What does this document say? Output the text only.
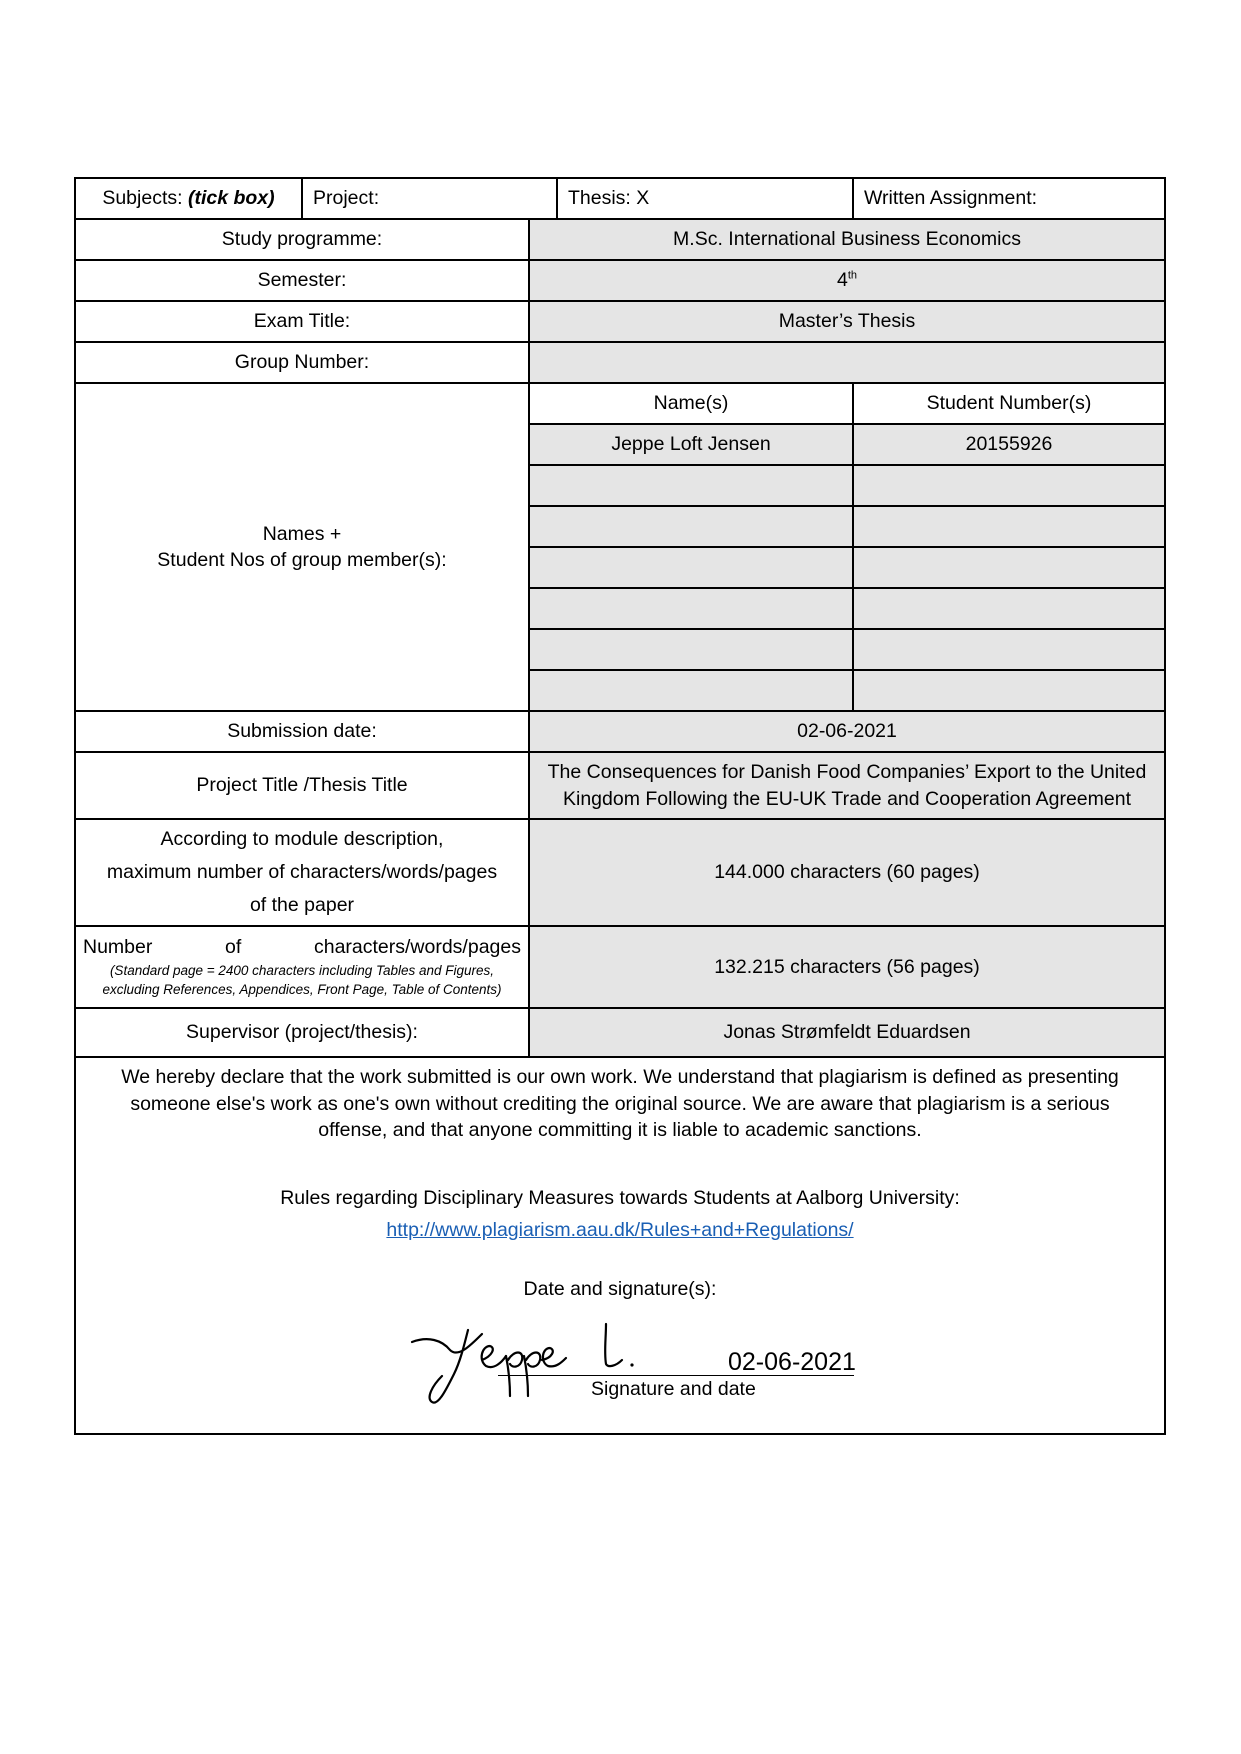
Subjects: (tick box)	Project:	Thesis: X	Written Assignment:
Study programme:	M.Sc. International Business Economics	
Semester:	4th
Exam Title:	Master’s Thesis	
Group Number:		

Names +
Student Nos of group member(s):	Name(s)	Student Number(s)
	Jeppe Loft Jensen	20155926

Submission date:	02-06-2021	
Project Title /Thesis Title	The Consequences for Danish Food Companies’ Export to the United
Kingdom Following the EU-UK Trade and Cooperation Agreement	

According to module description,
maximum number of characters/words/pages
of the paper	144.000 characters (60 pages)	

Number of characters/words/pages
(Standard page = 2400 characters including Tables and Figures,
excluding References, Appendices, Front Page, Table of Contents)	132.215 characters (56 pages)	
Supervisor (project/thesis):	Jonas Strømfeldt Eduardsen	
We hereby declare that the work submitted is our own work. We understand that plagiarism is defined as presenting
someone else's work as one's own without crediting the original source. We are aware that plagiarism is a serious
offense, and that anyone committing it is liable to academic sanctions.
Rules regarding Disciplinary Measures towards Students at Aalborg University:
http://www.plagiarism.aau.dk/Rules+and+Regulations/
Date and signature(s):
02-06-2021
Signature and date
